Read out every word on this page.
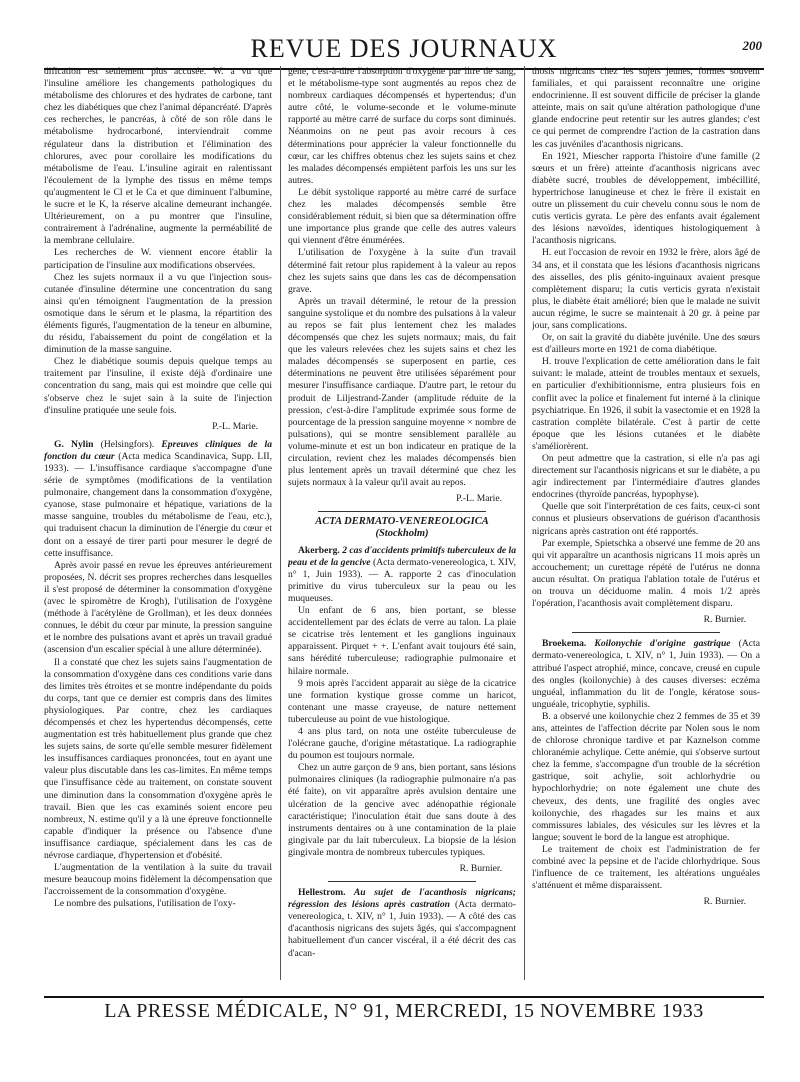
REVUE DES JOURNAUX	200

dification est seulement plus accusée. W. a vu que l'insuline améliore les changements pathologiques du métabolisme des chlorures et des hydrates de carbone, tant chez les diabétiques que chez l'animal dépancréaté. D'après ces recherches, le pancréas, à côté de son rôle dans le métabolisme hydrocarboné, interviendrait comme régulateur dans la distribution et l'élimination des chlorures, avec pour corollaire les modifications du métabolisme de l'eau. L'insuline agirait en ralentissant l'écoulement de la lymphe des tissus en même temps qu'augmentent le Cl et le Ca et que diminuent l'albumine, le sucre et le K, la réserve alcaline demeurant inchangée. Ultérieurement, on a pu montrer que l'insuline, contrairement à l'adrénaline, augmente la perméabilité de la membrane cellulaire.

Les recherches de W. viennent encore établir la participation de l'insuline aux modifications observées.

Chez les sujets normaux il a vu que l'injection sous-cutanée d'insuline détermine une concentration du sang ainsi qu'en témoignent l'augmentation de la pression osmotique dans le sérum et le plasma, la répartition des éléments figurés, l'augmentation de la teneur en albumine, du résidu, l'abaissement du point de congélation et la diminution de la masse sanguine.

Chez le diabétique soumis depuis quelque temps au traitement par l'insuline, il existe déjà d'ordinaire une concentration du sang, mais qui est moindre que celle qui s'observe chez le sujet sain à la suite de l'injection d'insuline pratiquée une seule fois.

P.-L. Marie.

G. Nylin (Helsingfors). Epreuves cliniques de la fonction du cœur (Acta medica Scandinavica, Supp. LII, 1933). — L'insuffisance cardiaque s'accompagne d'une série de symptômes (modifications de la ventilation pulmonaire, changement dans la consommation d'oxygène, cyanose, stase pulmonaire et hépatique, variations de la masse sanguine, troubles du métabolisme de l'eau, etc.), qui traduisent chacun la diminution de l'énergie du cœur et dont on a essayé de tirer parti pour mesurer le degré de cette insuffisance.

Après avoir passé en revue les épreuves antérieurement proposées, N. décrit ses propres recherches dans lesquelles il s'est proposé de déterminer la consommation d'oxygène (avec le spiromètre de Krogh), l'utilisation de l'oxygène (méthode à l'acétylène de Grollman), et les deux données connues, le débit du cœur par minute, la pression sanguine et le nombre des pulsations avant et après un travail gradué (ascension d'un escalier spécial à une allure déterminée).

Il a constaté que chez les sujets sains l'augmentation de la consommation d'oxygène dans ces conditions varie dans des limites très étroites et se montre indépendante du poids du corps, tant que ce dernier est compris dans des limites physiologiques. Par contre, chez les cardiaques décompensés et chez les hypertendus décompensés, cette augmentation est très habituellement plus grande que chez les sujets sains, de sorte qu'elle semble mesurer fidèlement les insuffisances cardiaques prononcées, tout en ayant une valeur plus discutable dans les cas-limites. En même temps que l'insuffisance cède au traitement, on constate souvent une diminution dans la consommation d'oxygène après le travail. Bien que les cas examinés soient encore peu nombreux, N. estime qu'il y a là une épreuve fonctionnelle capable d'indiquer la présence ou l'absence d'une insuffisance cardiaque, spécialement dans les cas de névrose cardiaque, d'hypertension et d'obésité.

L'augmentation de la ventilation à la suite du travail mesure beaucoup moins fidèlement la décompensation que l'accroissement de la consommation d'oxygène.

Le nombre des pulsations, l'utilisation de l'oxy-

gène, c'est-à-dire l'absorption d'oxygène par litre de sang, et le métabolisme-type sont augmentés au repos chez de nombreux cardiaques décompensés et hypertendus; d'un autre côté, le volume-seconde et le volume-minute rapporté au mètre carré de surface du corps sont diminués. Néanmoins on ne peut pas avoir recours à ces déterminations pour apprécier la valeur fonctionnelle du cœur, car les chiffres obtenus chez les sujets sains et chez les malades décompensés empiètent parfois les uns sur les autres.

Le débit systolique rapporté au mètre carré de surface chez les malades décompensés semble être considérablement réduit, si bien que sa détermination offre une importance plus grande que celle des autres valeurs qui viennent d'être énumérées.

L'utilisation de l'oxygène à la suite d'un travail déterminé fait retour plus rapidement à la valeur au repos chez les sujets sains que dans les cas de décompensation grave.

Après un travail déterminé, le retour de la pression sanguine systolique et du nombre des pulsations à la valeur au repos se fait plus lentement chez les malades décompensés que chez les sujets normaux; mais, du fait que les valeurs relevées chez les sujets sains et chez les malades décompensés se superposent en partie, ces déterminations ne peuvent être utilisées séparément pour mesurer l'insuffisance cardiaque. D'autre part, le retour du produit de Liljestrand-Zander (amplitude réduite de la pression, c'est-à-dire l'amplitude exprimée sous forme de pourcentage de la pression sanguine moyenne × nombre de pulsations), qui se montre sensiblement parallèle au volume-minute et est un bon indicateur en pratique de la circulation, revient chez les malades décompensés bien plus lentement après un travail déterminé que chez les sujets normaux à la valeur qu'il avait au repos.

P.-L. Marie.

ACTA DERMATO-VENEREOLOGICA

(Stockholm)

Akerberg. 2 cas d'accidents primitifs tuberculeux de la peau et de la gencive (Acta dermato-venereologica, t. XIV, n° 1, Juin 1933). — A. rapporte 2 cas d'inoculation primitive du virus tuberculeux sur la peau ou les muqueuses.

Un enfant de 6 ans, bien portant, se blesse accidentellement par des éclats de verre au talon. La plaie se cicatrise très lentement et les ganglions inguinaux apparaissent. Pirquet + +. L'enfant avait toujours été sain, sans hérédité tuberculeuse; radiographie pulmonaire et hilaire normale.

9 mois après l'accident apparait au siège de la cicatrice une formation kystique grosse comme un haricot, contenant une masse crayeuse, de nature nettement tuberculeuse au point de vue histologique.

4 ans plus tard, on nota une ostéite tuberculeuse de l'olécrane gauche, d'origine métastatique. La radiographie du poumon est toujours normale.

Chez un autre garçon de 9 ans, bien portant, sans lésions pulmonaires cliniques (la radiographie pulmonaire n'a pas été faite), on vit apparaître après avulsion dentaire une ulcération de la gencive avec adénopathie régionale caractéristique; l'inoculation était due sans doute à des instruments dentaires ou à une contamination de la plaie gingivale par du lait tuberculeux. La biopsie de la lésion gingivale montra de nombreux tubercules typiques.

R. Burnier.

Hellestrom. Au sujet de l'acanthosis nigricans; régression des lésions après castration (Acta dermato-venereologica, t. XIV, n° 1, Juin 1933). — A côté des cas d'acanthosis nigricans des sujets âgés, qui s'accompagnent habituellement d'un cancer viscéral, il a été décrit des cas d'acan-

thosis nigricans chez les sujets jeunes, formes souvent familiales, et qui paraissent reconnaître une origine endocrinienne. Il est souvent difficile de préciser la glande atteinte, mais on sait qu'une altération pathologique d'une glande endocrine peut retentir sur les autres glandes; c'est ce qui permet de comprendre l'action de la castration dans les cas juvéniles d'acanthosis nigricans.

En 1921, Miescher rapporta l'histoire d'une famille (2 sœurs et un frère) atteinte d'acanthosis nigricans avec diabète sucré, troubles de développement, imbécillité, hypertrichose lanugineuse et chez le frère il existait en outre un plissement du cuir chevelu connu sous le nom de cutis verticis gyrata. Le père des enfants avait également des lésions nævoïdes, identiques histologiquement à l'acanthosis nigricans.

H. eut l'occasion de revoir en 1932 le frère, alors âgé de 34 ans, et il constata que les lésions d'acanthosis nigricans des aisselles, des plis génito-inguinaux avaient presque complètement disparu; la cutis verticis gyrata n'existait plus, le diabète était amélioré; bien que le malade ne suivit aucun régime, le sucre se maintenait à 20 gr. à peine par jour, sans complications.

Or, on sait la gravité du diabète juvénile. Une des sœurs est d'ailleurs morte en 1921 de coma diabétique.

H. trouve l'explication de cette amélioration dans le fait suivant: le malade, atteint de troubles mentaux et sexuels, en particulier d'exhibitionnisme, entra plusieurs fois en conflit avec la police et finalement fut interné à la clinique psychiatrique. En 1926, il subit la vasectomie et en 1928 la castration complète bilatérale. C'est à partir de cette époque que les lésions cutanées et le diabète s'améliorèrent.

On peut admettre que la castration, si elle n'a pas agi directement sur l'acanthosis nigricans et sur le diabète, a pu agir indirectement par l'intermédiaire d'autres glandes endocrines (thyroïde pancréas, hypophyse).

Quelle que soit l'interprétation de ces faits, ceux-ci sont connus et plusieurs observations de guérison d'acanthosis nigricans après castration ont été rapportés.

Par exemple, Spietschka a observé une femme de 20 ans qui vit apparaître un acanthosis nigricans 11 mois après un accouchement; un curettage répété de l'utérus ne donna aucun résultat. On pratiqua l'ablation totale de l'utérus et on trouva un déciduome malin. 4 mois 1/2 après l'opération, l'acanthosis avait complètement disparu.

R. Burnier.

Broekema. Koilonychie d'origine gastrique (Acta dermato-venereologica, t. XIV, n° 1, Juin 1933). — On a attribué l'aspect atrophié, mince, concave, creusé en cupule des ongles (koilonychie) à des causes diverses: eczéma unguéal, inflammation du lit de l'ongle, kératose sous-unguéale, tricophytie, syphilis.

B. a observé une koilonychie chez 2 femmes de 35 et 39 ans, atteintes de l'affection décrite par Nolen sous le nom de chlorose chronique tardive et par Kaznelson comme chloranémie achylique. Cette anémie, qui s'observe surtout chez la femme, s'accompagne d'un trouble de la sécrétion gastrique, soit achylie, soit achlorhydrie ou hypochlorhydrie; on note également une chute des cheveux, des dents, une fragilité des ongles avec koilonychie, des rhagades sur les mains et aux commissures labiales, des vésicules sur les lèvres et la langue; souvent le bord de la langue est atrophique.

Le traitement de choix est l'administration de fer combiné avec la pepsine et de l'acide chlorhydrique. Sous l'influence de ce traitement, les altérations unguéales s'atténuent et même disparaissent.

R. Burnier.

LA PRESSE MÉDICALE, N° 91, MERCREDI, 15 NOVEMBRE 1933
